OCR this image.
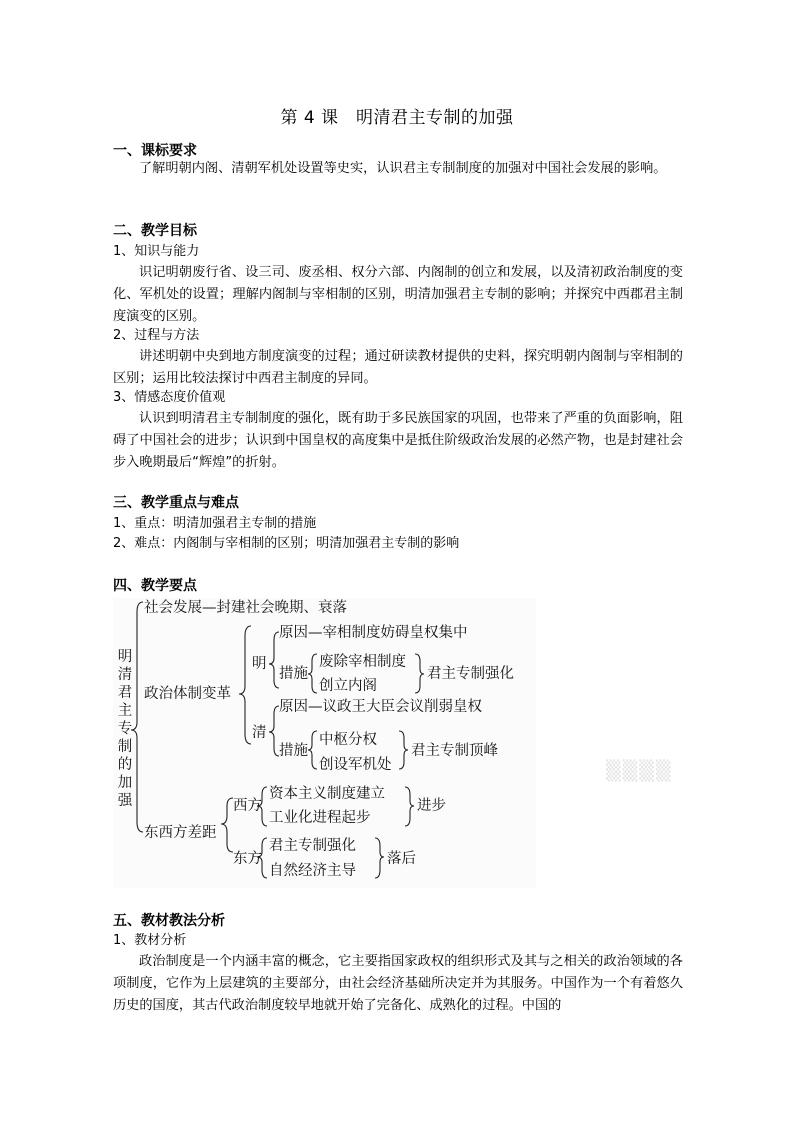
第 4 课　明清君主专制的加强
一、课标要求
了解明朝内阁、清朝军机处设置等史实，认识君主专制制度的加强对中国社会发展的影响。
二、教学目标
1、知识与能力
识记明朝废行省、设三司、废丞相、权分六部、内阁制的创立和发展，以及清初政治制度的变化、军机处的设置；理解内阁制与宰相制的区别，明清加强君主专制的影响；并探究中西郡君主制度演变的区别。
2、过程与方法
讲述明朝中央到地方制度演变的过程；通过研读教材提供的史料，探究明朝内阁制与宰相制的区别；运用比较法探讨中西君主制度的异同。
3、情感态度价值观
认识到明清君主专制制度的强化，既有助于多民族国家的巩固，也带来了严重的负面影响，阻碍了中国社会的进步；认识到中国皇权的高度集中是抵住阶级政治发展的必然产物，也是封建社会步入晚期最后“辉煌”的折射。
三、教学重点与难点
1、重点：明清加强君主专制的措施
2、难点：内阁制与宰相制的区别；明清加强君主专制的影响
四、教学要点
明
清
君
主
专
制
的
加
强
社会发展—封建社会晚期、衰落
政治体制变革
明
原因—宰相制度妨碍皇权集中
措施
废除宰相制度
创立内阁
君主专制强化
清
原因—议政王大臣会议削弱皇权
措施
中枢分权
创设军机处
君主专制顶峰
东西方差距
西方
资本主义制度建立
工业化进程起步
进步
东方
君主专制强化
自然经济主导
落后
▒▒▒▒
五、教材教法分析
1、教材分析
政治制度是一个内涵丰富的概念，它主要指国家政权的组织形式及其与之相关的政治领域的各项制度，它作为上层建筑的主要部分，由社会经济基础所决定并为其服务。中国作为一个有着悠久历史的国度，其古代政治制度较早地就开始了完备化、成熟化的过程。中国的
